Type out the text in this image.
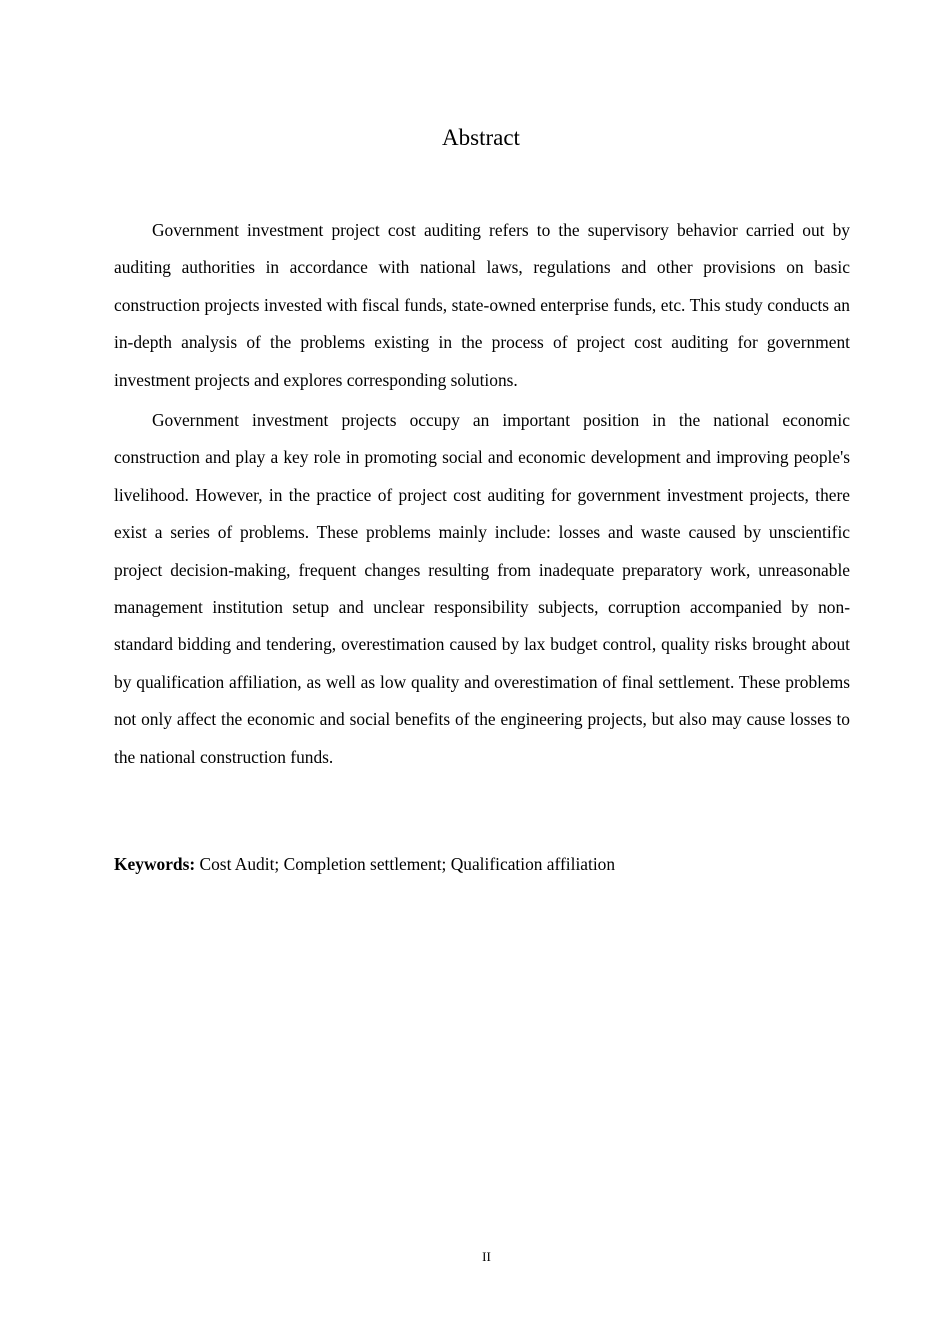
Abstract

Government investment project cost auditing refers to the supervisory behavior carried out by auditing authorities in accordance with national laws, regulations and other provisions on basic construction projects invested with fiscal funds, state-owned enterprise funds, etc. This study conducts an in-depth analysis of the problems existing in the process of project cost auditing for government investment projects and explores corresponding solutions.

Government investment projects occupy an important position in the national economic construction and play a key role in promoting social and economic development and improving people's livelihood. However, in the practice of project cost auditing for government investment projects, there exist a series of problems. These problems mainly include: losses and waste caused by unscientific project decision-making, frequent changes resulting from inadequate preparatory work, unreasonable management institution setup and unclear responsibility subjects, corruption accompanied by non-standard bidding and tendering, overestimation caused by lax budget control, quality risks brought about by qualification affiliation, as well as low quality and overestimation of final settlement. These problems not only affect the economic and social benefits of the engineering projects, but also may cause losses to the national construction funds.

Keywords: Cost Audit; Completion settlement; Qualification affiliation

II
